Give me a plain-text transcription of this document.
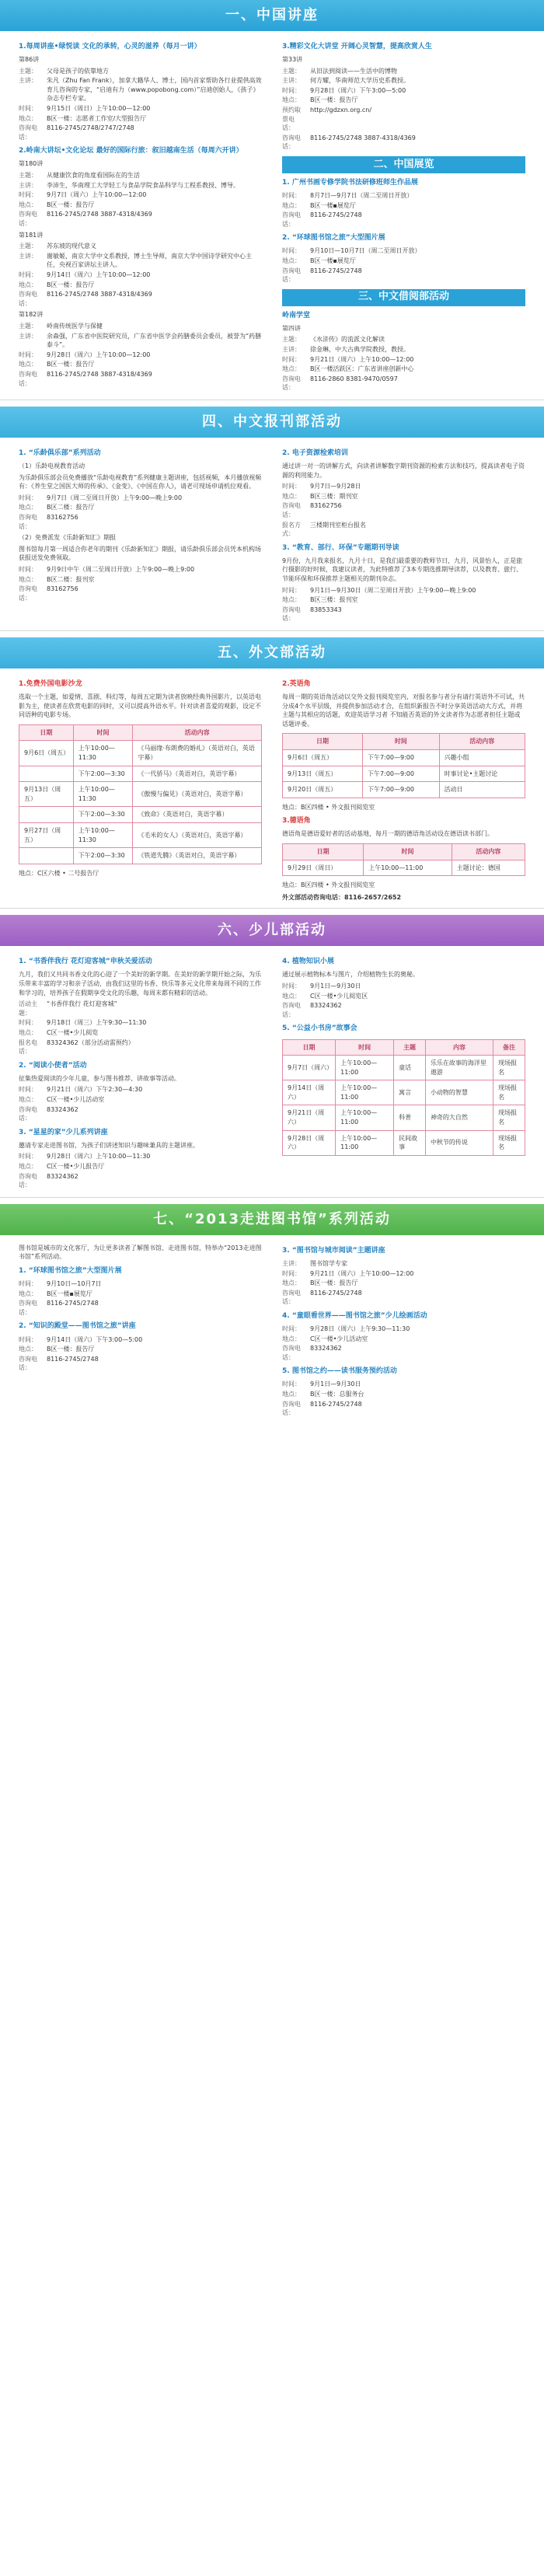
一、中国讲座
1.每周讲座•绿悦读 文化的承转，心灵的滋养（每月一讲）
第86讲
主题：	父母是孩子的依靠地方
主讲：	朱凡（Zhu Fan Frank），加拿大籍华人、博士，国内首家帮助各行业提供高效育儿咨询的专家，“启迪有力（www.popobong.com）”启迪创始人，《孩子》杂志专栏专家。
时间：	9月15日（周日）上午10:00—12:00
地点：	B区一楼：志愿者工作室/大型报告厅
咨询电话：
8116-2745/2748/2747/2748
2.岭南大讲坛•文化论坛 最好的国际行旅：叙旧越南生活（每周六开讲）
第180讲
主题：	从健康饮食的角度看国际在的生活
主讲：	李沛生，华南理工大学轻工与食品学院食品科学与工程系教授、博导。
时间：	9月7日（周六）上午10:00—12:00
地点：	B区一楼：报告厅
咨询电话：
8116-2745/2748 3887-4318/4369
第181讲
主题：	苏东坡的现代意义
主讲：	谢敏姬，南京大学中文系教授，博士生导师，南京大学中国诗学研究中心主任，央视百家讲坛主讲人。
时间：	9月14日（周六）上午10:00—12:00
地点：	B区一楼：报告厅
咨询电话：
8116-2745/2748 3887-4318/4369
第182讲
主题：	岭南传统医学与保健
主讲：	余森强，广东省中医院研究员，广东省中医学会药膳委员会委员，被誉为“药膳泰斗”。
时间：	9月28日（周六）上午10:00—12:00
地点：	B区一楼：报告厅
咨询电话：
8116-2745/2748 3887-4318/4369
3.精彩文化大讲堂 开阔心灵智慧，提高欣赏人生
第33讲
主题：	从旧法到阅读——生活中的博物
主讲：	何方耀，华南师范大学历史系教授。
时间：	9月28日（周六）下午3:00—5:00
地点：	B区一楼：报告厅
预约取票电话：
http://gdzxn.org.cn/
咨询电话：
8116-2745/2748 3887-4318/4369
二、中国展览
1. 广州书画专修学院书法研修班师生作品展
时间：	8月7日—9月7日（周二至周日开放）
地点：	B区一楼▪展览厅
咨询电话：
8116-2745/2748
2. “环球图书馆之旅”大型图片展
时间：	9月10日—10月7日（周二至周日开放）
地点：	B区一楼▪展览厅
咨询电话：
8116-2745/2748
三、中文借阅部活动
岭南学堂
第四讲
主题：	《水浒传》的流派文化解读
主讲：	徐金琳，中大古典学院教授，教授。
时间：	9月21日（周六）上午10:00—12:00
地点：	B区一楼活跃区：广东省讲座创新中心
咨询电话：
8116-2860 8381-9470/0597
四、中文报刊部活动
1. “乐龄俱乐部”系列活动
（1）乐龄电视教育活动
为乐龄俱乐部会员免费播放“乐龄电视教育”系列健康主题讲座，包括视频，本月播放视频有：《养生堂之国医大师的传承》、《金变》、《中国在你人》，请老可现场申请机位观看。
时间：	9月7日（周二至周日开放）上午9:00—晚上9:00
地点：	B区二楼：报告厅
咨询电话：
83162756
（2）免费派发《乐龄新知汇》期报
图书馆每月第一周适合你老年的期刊《乐龄新知汇》期报，请乐龄俱乐部会员凭本机构场获报送发免费领取。
时间：	9月9日中午（周二至周日开放）上午9:00—晚上9:00
地点：	B区二楼：报刊室
咨询电话：
83162756
2. 电子资源检索培训
通过讲一对一的讲解方式，向读者讲解数字期刊资源的检索方法和技巧，提高读者电子资源的利用能力。
时间：	9月7日—9月28日
地点：	B区三楼：期刊室
咨询电话：
83162756
报名方式：
三楼期刊室柜台报名
3. “教育、部行、环保”专题期刊导读
9月份，九月我来报名，九月十日，是我们最重要的教师节日，九月，风景怡人，正是旅行摄影的好时候，我建议读者，为此特推荐了3本专期选推期导读荐，以及教育、旅行、节能环保和环保推荐主题相关的期刊杂志。
时间：	9月1日—9月30日（周二至周日开放）上午9:00—晚上9:00
地点：	B区三楼：报刊室
咨询电话：
83853343
五、外文部活动
1.免费外国电影沙龙
选取一个主题，如爱情、喜剧、科幻等，每周五定期为读者放映经典外国影片，以英语电影为主，使读者在欣赏电影的同时，又可以提高外语水平。针对读者喜爱的观影，设定不同语种的电影专场。
日期	时间	活动内容
9月6日（周五）	上午10:00—11:30	《马丽缘·布朗费的婚礼》（英语对白，英语字幕）
	下午2:00—3:30	《一代骄马》（英语对白，英语字幕）
9月13日（周五）	上午10:00—11:30	《傲慢与偏见》（英语对白，英语字幕）
	下午2:00—3:30	《致命》（英语对白，英语字幕）
9月27日（周五）	上午10:00—11:30	《毛米的女人》（英语对白，英语字幕）
	下午2:00—3:30	《铁道先腾》（英语对白，英语字幕）
地点：C区六楼 • 二号报告厅
2.英语角
每周一期的英语角活动以交外文报刊阅览室内，对报名参与者分有请行英语外不可试，共分成4个水平层级，并提供参加活动才合，在组织新报告不时分享英语活动大方式，并将主题与其相应的话题，欢迎英语学习者 不知能否英语的外文读者作为志愿者担任主题或话题评委。
日期	时间	活动内容
9月6日（周五）	下午7:00—9:00	兴趣小组
9月13日（周五）	下午7:00—9:00	时事讨论•主题讨论
9月20日（周五）	下午7:00—9:00	活动日
地点：B区四楼 • 外文报刊阅览室
3.德语角
德语角是德语爱好者的活动基地，每月一期的德语角活动设在德语读书部门。
日期	时间	活动内容
9月29日（周日）	上午10:00—11:00	主题讨论：德国
地点：B区四楼 • 外文报刊阅览室
外文部活动咨询电话：8116-2657/2652
六、少儿部活动
1. “书香伴我行 花灯迎客城”申秋关爱活动
九月，我们又共同书香文化的心迎了一个美好的新学期。在美好的新学期开始之际，为乐乐带来丰富的学习和亲子活动，由我们这里的书香、快乐等多元文化带来每周不同的工作和学习的，培养孩子在假期享受文化的乐趣，每周末都有精彩的活动。
活动主题：
“书香伴我行 花灯迎客城”
时间：	9月18日（周三）上午9:30—11:30
地点：	C区一楼•少儿阅览
报名电话：
83324362（部分活动需预约）
2. “阅读小使者”活动
征集热爱阅读的少年儿童，参与图书推荐、讲故事等活动。
时间：	9月21日（周六）下午2:30—4:30
地点：	C区一楼•少儿活动室
咨询电话：
83324362
3. “星星的家”少儿系列讲座
邀请专家走进图书馆，为孩子们讲述知识与趣味兼具的主题讲座。
时间：	9月28日（周六）上午10:00—11:30
地点：	C区一楼•少儿报告厅
咨询电话：
83324362
4. 植物知识小展
通过展示植物标本与图片，介绍植物生长的奥秘。
时间：	9月1日—9月30日
地点：	C区一楼•少儿阅览区
咨询电话：
83324362
5. “公益小书房”故事会
日期	时间	主题	内容	备注
9月7日（周六）	上午10:00—11:00	童话	乐乐在故事的海洋里遨游	现场报名
9月14日（周六）	上午10:00—11:00	寓言	小动物的智慧	现场报名
9月21日（周六）	上午10:00—11:00	科普	神奇的大自然	现场报名
9月28日（周六）	上午10:00—11:00	民间故事	中秋节的传说	现场报名
七、“2013走进图书馆”系列活动
图书馆是城市的文化客厅，为让更多读者了解图书馆、走进图书馆，特举办“2013走进图书馆”系列活动。
1. “环球图书馆之旅”大型图片展
时间：	9月10日—10月7日
地点：	B区一楼▪展览厅
咨询电话：
8116-2745/2748
2. “知识的殿堂——图书馆之旅”讲座
时间：	9月14日（周六）下午3:00—5:00
地点：	B区一楼：报告厅
咨询电话：
8116-2745/2748
3. “图书馆与城市阅读”主题讲座
主讲：	图书馆学专家
时间：	9月21日（周六）上午10:00—12:00
地点：	B区一楼：报告厅
咨询电话：
8116-2745/2748
4. “童眼看世界——图书馆之旅”少儿绘画活动
时间：	9月28日（周六）上午9:30—11:30
地点：	C区一楼•少儿活动室
咨询电话：
83324362
5. 图书馆之约——读书服务预约活动
时间：	9月1日—9月30日
地点：	B区一楼：总服务台
咨询电话：
8116-2745/2748
